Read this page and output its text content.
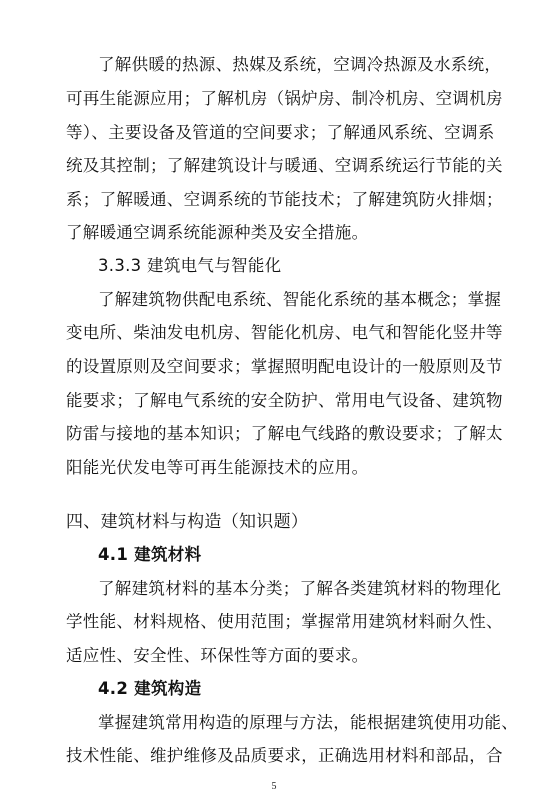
了解供暖的热源、热媒及系统，空调冷热源及水系统，
可再生能源应用；了解机房（锅炉房、制冷机房、空调机房
等）、主要设备及管道的空间要求；了解通风系统、空调系
统及其控制；了解建筑设计与暖通、空调系统运行节能的关
系；了解暖通、空调系统的节能技术；了解建筑防火排烟；
了解暖通空调系统能源种类及安全措施。
3.3.3 建筑电气与智能化
了解建筑物供配电系统、智能化系统的基本概念；掌握
变电所、柴油发电机房、智能化机房、电气和智能化竖井等
的设置原则及空间要求；掌握照明配电设计的一般原则及节
能要求；了解电气系统的安全防护、常用电气设备、建筑物
防雷与接地的基本知识；了解电气线路的敷设要求；了解太
阳能光伏发电等可再生能源技术的应用。
四、建筑材料与构造（知识题）
4.1 建筑材料
了解建筑材料的基本分类；了解各类建筑材料的物理化
学性能、材料规格、使用范围；掌握常用建筑材料耐久性、
适应性、安全性、环保性等方面的要求。
4.2 建筑构造
掌握建筑常用构造的原理与方法，能根据建筑使用功能、
技术性能、维护维修及品质要求，正确选用材料和部品，合
5
